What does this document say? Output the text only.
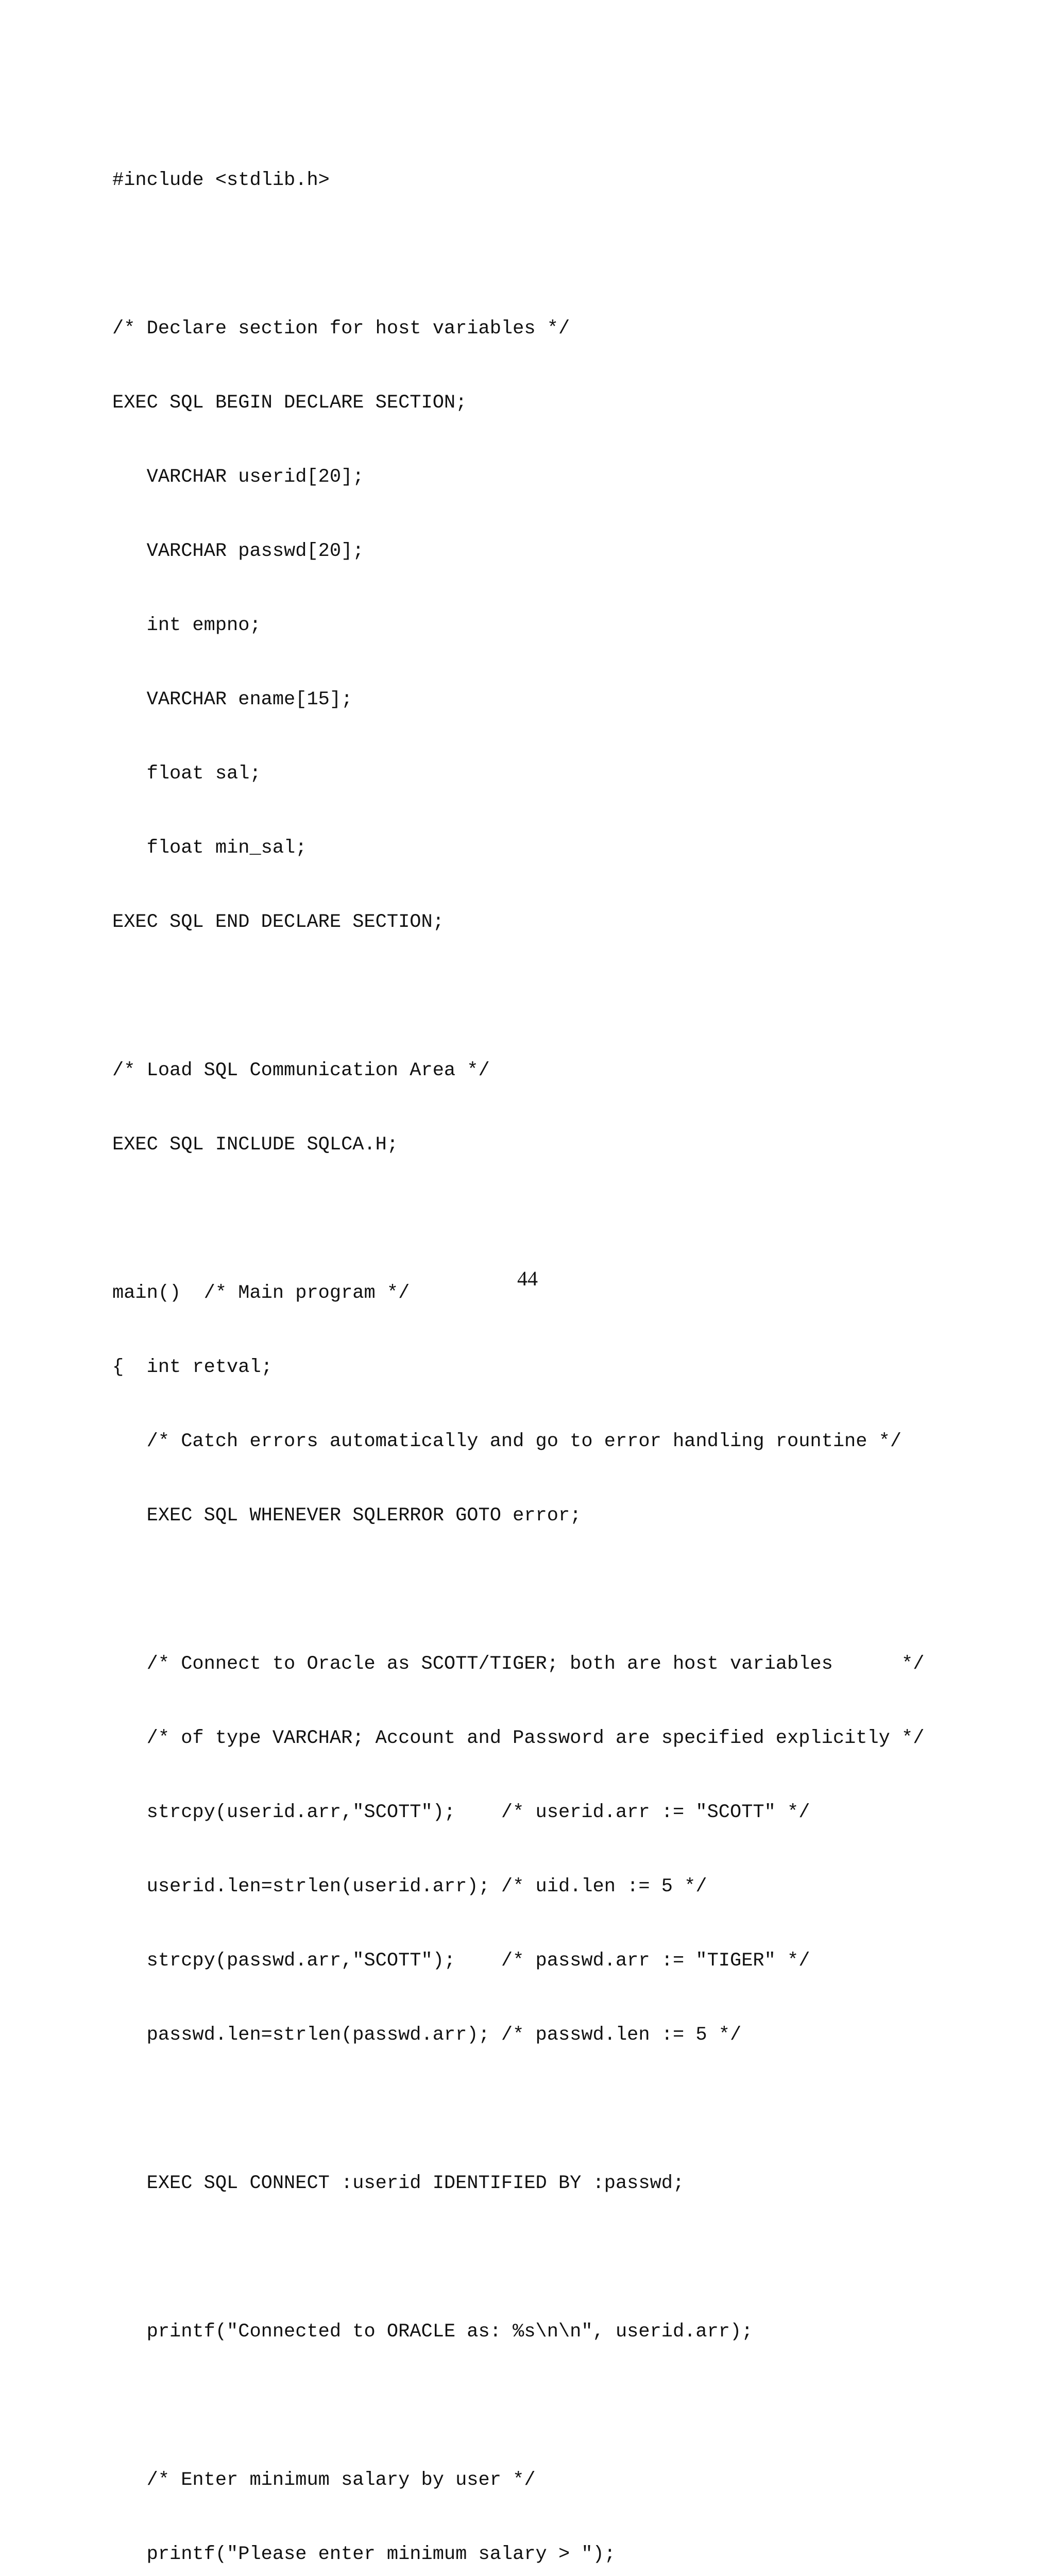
#include <stdlib.h>

/* Declare section for host variables */

EXEC SQL BEGIN DECLARE SECTION;

VARCHAR userid[20];

VARCHAR passwd[20];

int empno;

VARCHAR ename[15];

float sal;

float min_sal;

EXEC SQL END DECLARE SECTION;

/* Load SQL Communication Area */

EXEC SQL INCLUDE SQLCA.H;

main()  /* Main program */

{  int retval;

/* Catch errors automatically and go to error handling rountine */

EXEC SQL WHENEVER SQLERROR GOTO error;

/* Connect to Oracle as SCOTT/TIGER; both are host variables      */

/* of type VARCHAR; Account and Password are specified explicitly */

strcpy(userid.arr,"SCOTT");    /* userid.arr := "SCOTT" */

userid.len=strlen(userid.arr); /* uid.len := 5 */

strcpy(passwd.arr,"SCOTT");    /* passwd.arr := "TIGER" */

passwd.len=strlen(passwd.arr); /* passwd.len := 5 */

EXEC SQL CONNECT :userid IDENTIFIED BY :passwd;

printf("Connected to ORACLE as: %s\n\n", userid.arr);

/* Enter minimum salary by user */

printf("Please enter minimum salary > ");

44
